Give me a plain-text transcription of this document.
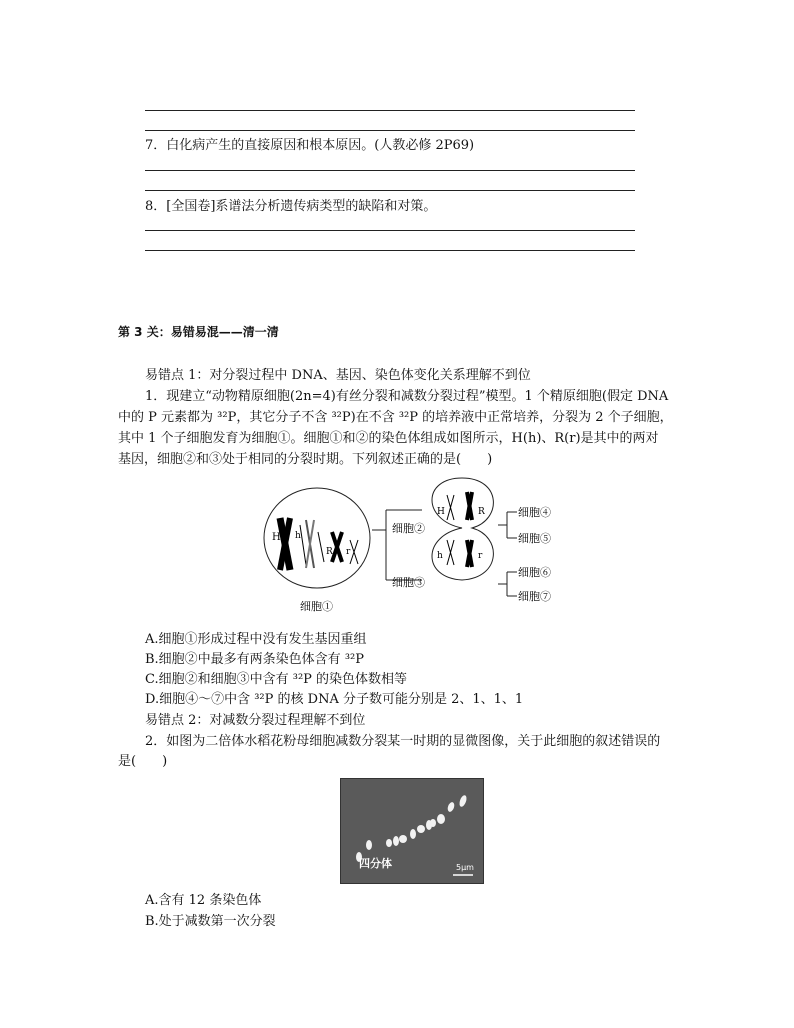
7．白化病产生的直接原因和根本原因。(人教必修 2P69)
8．[全国卷]系谱法分析遗传病类型的缺陷和对策。
第 3 关：易错易混——清一清
易错点 1：对分裂过程中 DNA、基因、染色体变化关系理解不到位
1．现建立“动物精原细胞(2n=4)有丝分裂和减数分裂过程”模型。1 个精原细胞(假定 DNA
中的 P 元素都为 ³²P，其它分子不含 ³²P)在不含 ³²P 的培养液中正常培养，分裂为 2 个子细胞，
其中 1 个子细胞发育为细胞①。细胞①和②的染色体组成如图所示，H(h)、R(r)是其中的两对
基因，细胞②和③处于相同的分裂时期。下列叙述正确的是(　　)
H h
R r
细胞①
细胞②
细胞③
H	R
h	r
细胞④
细胞⑤
细胞⑥
细胞⑦
A.细胞①形成过程中没有发生基因重组
B.细胞②中最多有两条染色体含有 ³²P
C.细胞②和细胞③中含有 ³²P 的染色体数相等
D.细胞④～⑦中含 ³²P 的核 DNA 分子数可能分别是 2、1、1、1
易错点 2：对减数分裂过程理解不到位
2．如图为二倍体水稻花粉母细胞减数分裂某一时期的显微图像，关于此细胞的叙述错误的
是(　　)
四分体	5μm
A.含有 12 条染色体
B.处于减数第一次分裂
